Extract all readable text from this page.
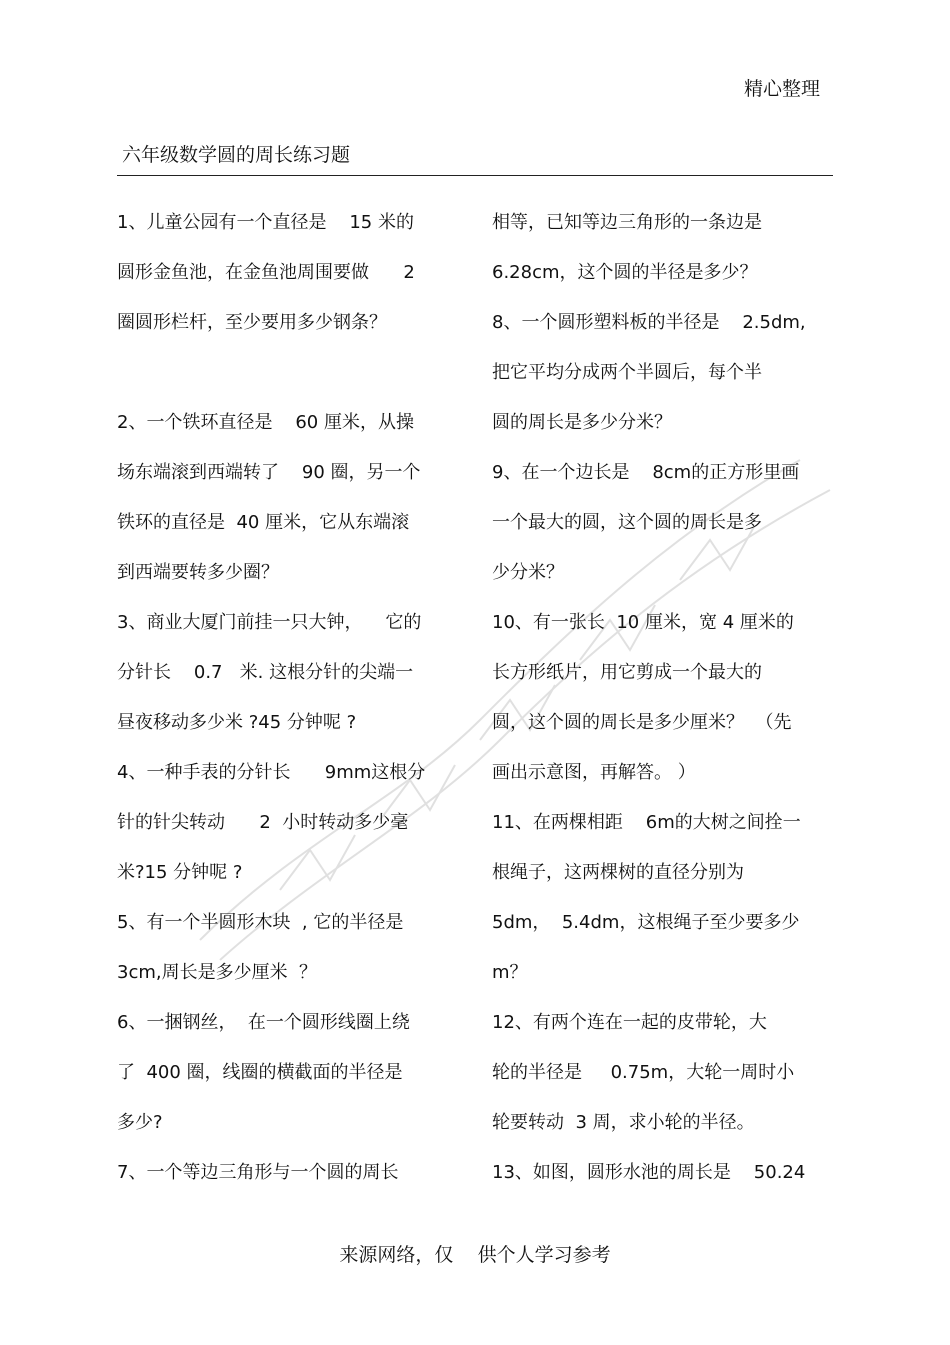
精心整理
六年级数学圆的周长练习题
1、儿童公园有一个直径是    15 米的
圆形金鱼池，在金鱼池周围要做      2
圈圆形栏杆，至少要用多少钢条？
2、一个铁环直径是    60 厘米，从操
场东端滚到西端转了    90 圈，另一个
铁环的直径是  40 厘米，它从东端滚
到西端要转多少圈？
3、商业大厦门前挂一只大钟，    它的
分针长    0.7   米. 这根分针的尖端一
昼夜移动多少米 ?45 分钟呢 ?
4、一种手表的分针长      9mm这根分
针的针尖转动      2  小时转动多少毫
米?15 分钟呢 ?
5、有一个半圆形木块  , 它的半径是
3cm,周长是多少厘米  ？
6、一捆钢丝，  在一个圆形线圈上绕
了  400 圈，线圈的横截面的半径是
多少?
7、一个等边三角形与一个圆的周长
相等，已知等边三角形的一条边是
6.28cm，这个圆的半径是多少？
8、一个圆形塑料板的半径是    2.5dm,
把它平均分成两个半圆后，每个半
圆的周长是多少分米？
9、在一个边长是    8cm的正方形里画
一个最大的圆，这个圆的周长是多
少分米？
10、有一张长  10 厘米，宽 4 厘米的
长方形纸片，用它剪成一个最大的
圆，这个圆的周长是多少厘米？  （先
画出示意图，再解答。 ）
11、在两棵相距    6m的大树之间拴一
根绳子，这两棵树的直径分别为
5dm，  5.4dm，这根绳子至少要多少
m？
12、有两个连在一起的皮带轮，大
轮的半径是     0.75m，大轮一周时小
轮要转动  3 周，求小轮的半径。
13、如图，圆形水池的周长是    50.24
来源网络，仅    供个人学习参考
